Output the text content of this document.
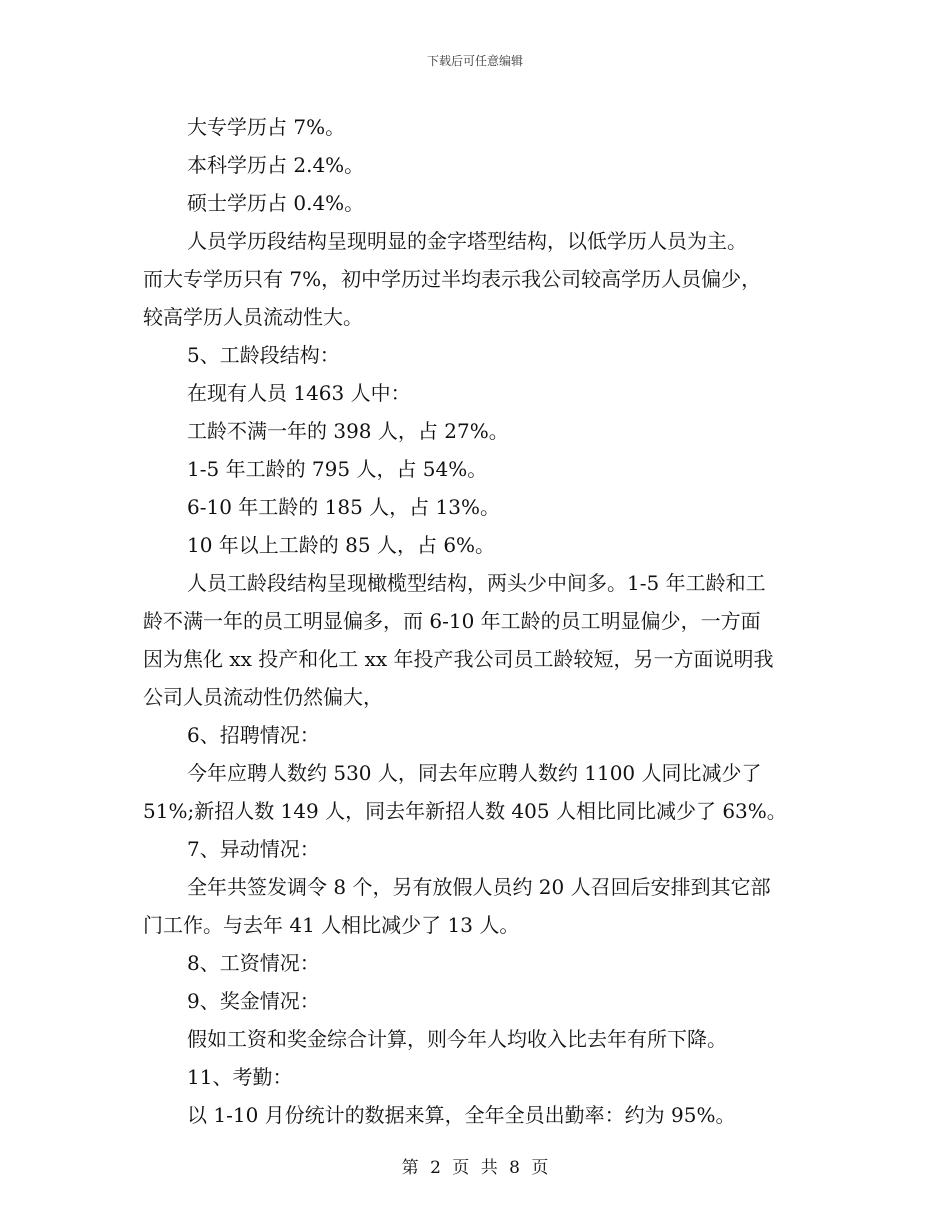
下载后可任意编辑
大专学历占 7%。
本科学历占 2.4%。
硕士学历占 0.4%。
人员学历段结构呈现明显的金字塔型结构，以低学历人员为主。
而大专学历只有 7%，初中学历过半均表示我公司较高学历人员偏少，
较高学历人员流动性大。
5、工龄段结构：
在现有人员 1463 人中：
工龄不满一年的 398 人，占 27%。
1-5 年工龄的 795 人，占 54%。
6-10 年工龄的 185 人，占 13%。
10 年以上工龄的 85 人，占 6%。
人员工龄段结构呈现橄榄型结构，两头少中间多。1-5 年工龄和工
龄不满一年的员工明显偏多，而 6-10 年工龄的员工明显偏少，一方面
因为焦化 xx 投产和化工 xx 年投产我公司员工龄较短，另一方面说明我
公司人员流动性仍然偏大，
6、招聘情况：
今年应聘人数约 530 人，同去年应聘人数约 1100 人同比减少了
51%;新招人数 149 人，同去年新招人数 405 人相比同比减少了 63%。
7、异动情况：
全年共签发调令 8 个，另有放假人员约 20 人召回后安排到其它部
门工作。与去年 41 人相比减少了 13 人。
8、工资情况：
9、奖金情况：
假如工资和奖金综合计算，则今年人均收入比去年有所下降。
11、考勤：
以 1-10 月份统计的数据来算，全年全员出勤率：约为 95%。
第 2 页 共 8 页
